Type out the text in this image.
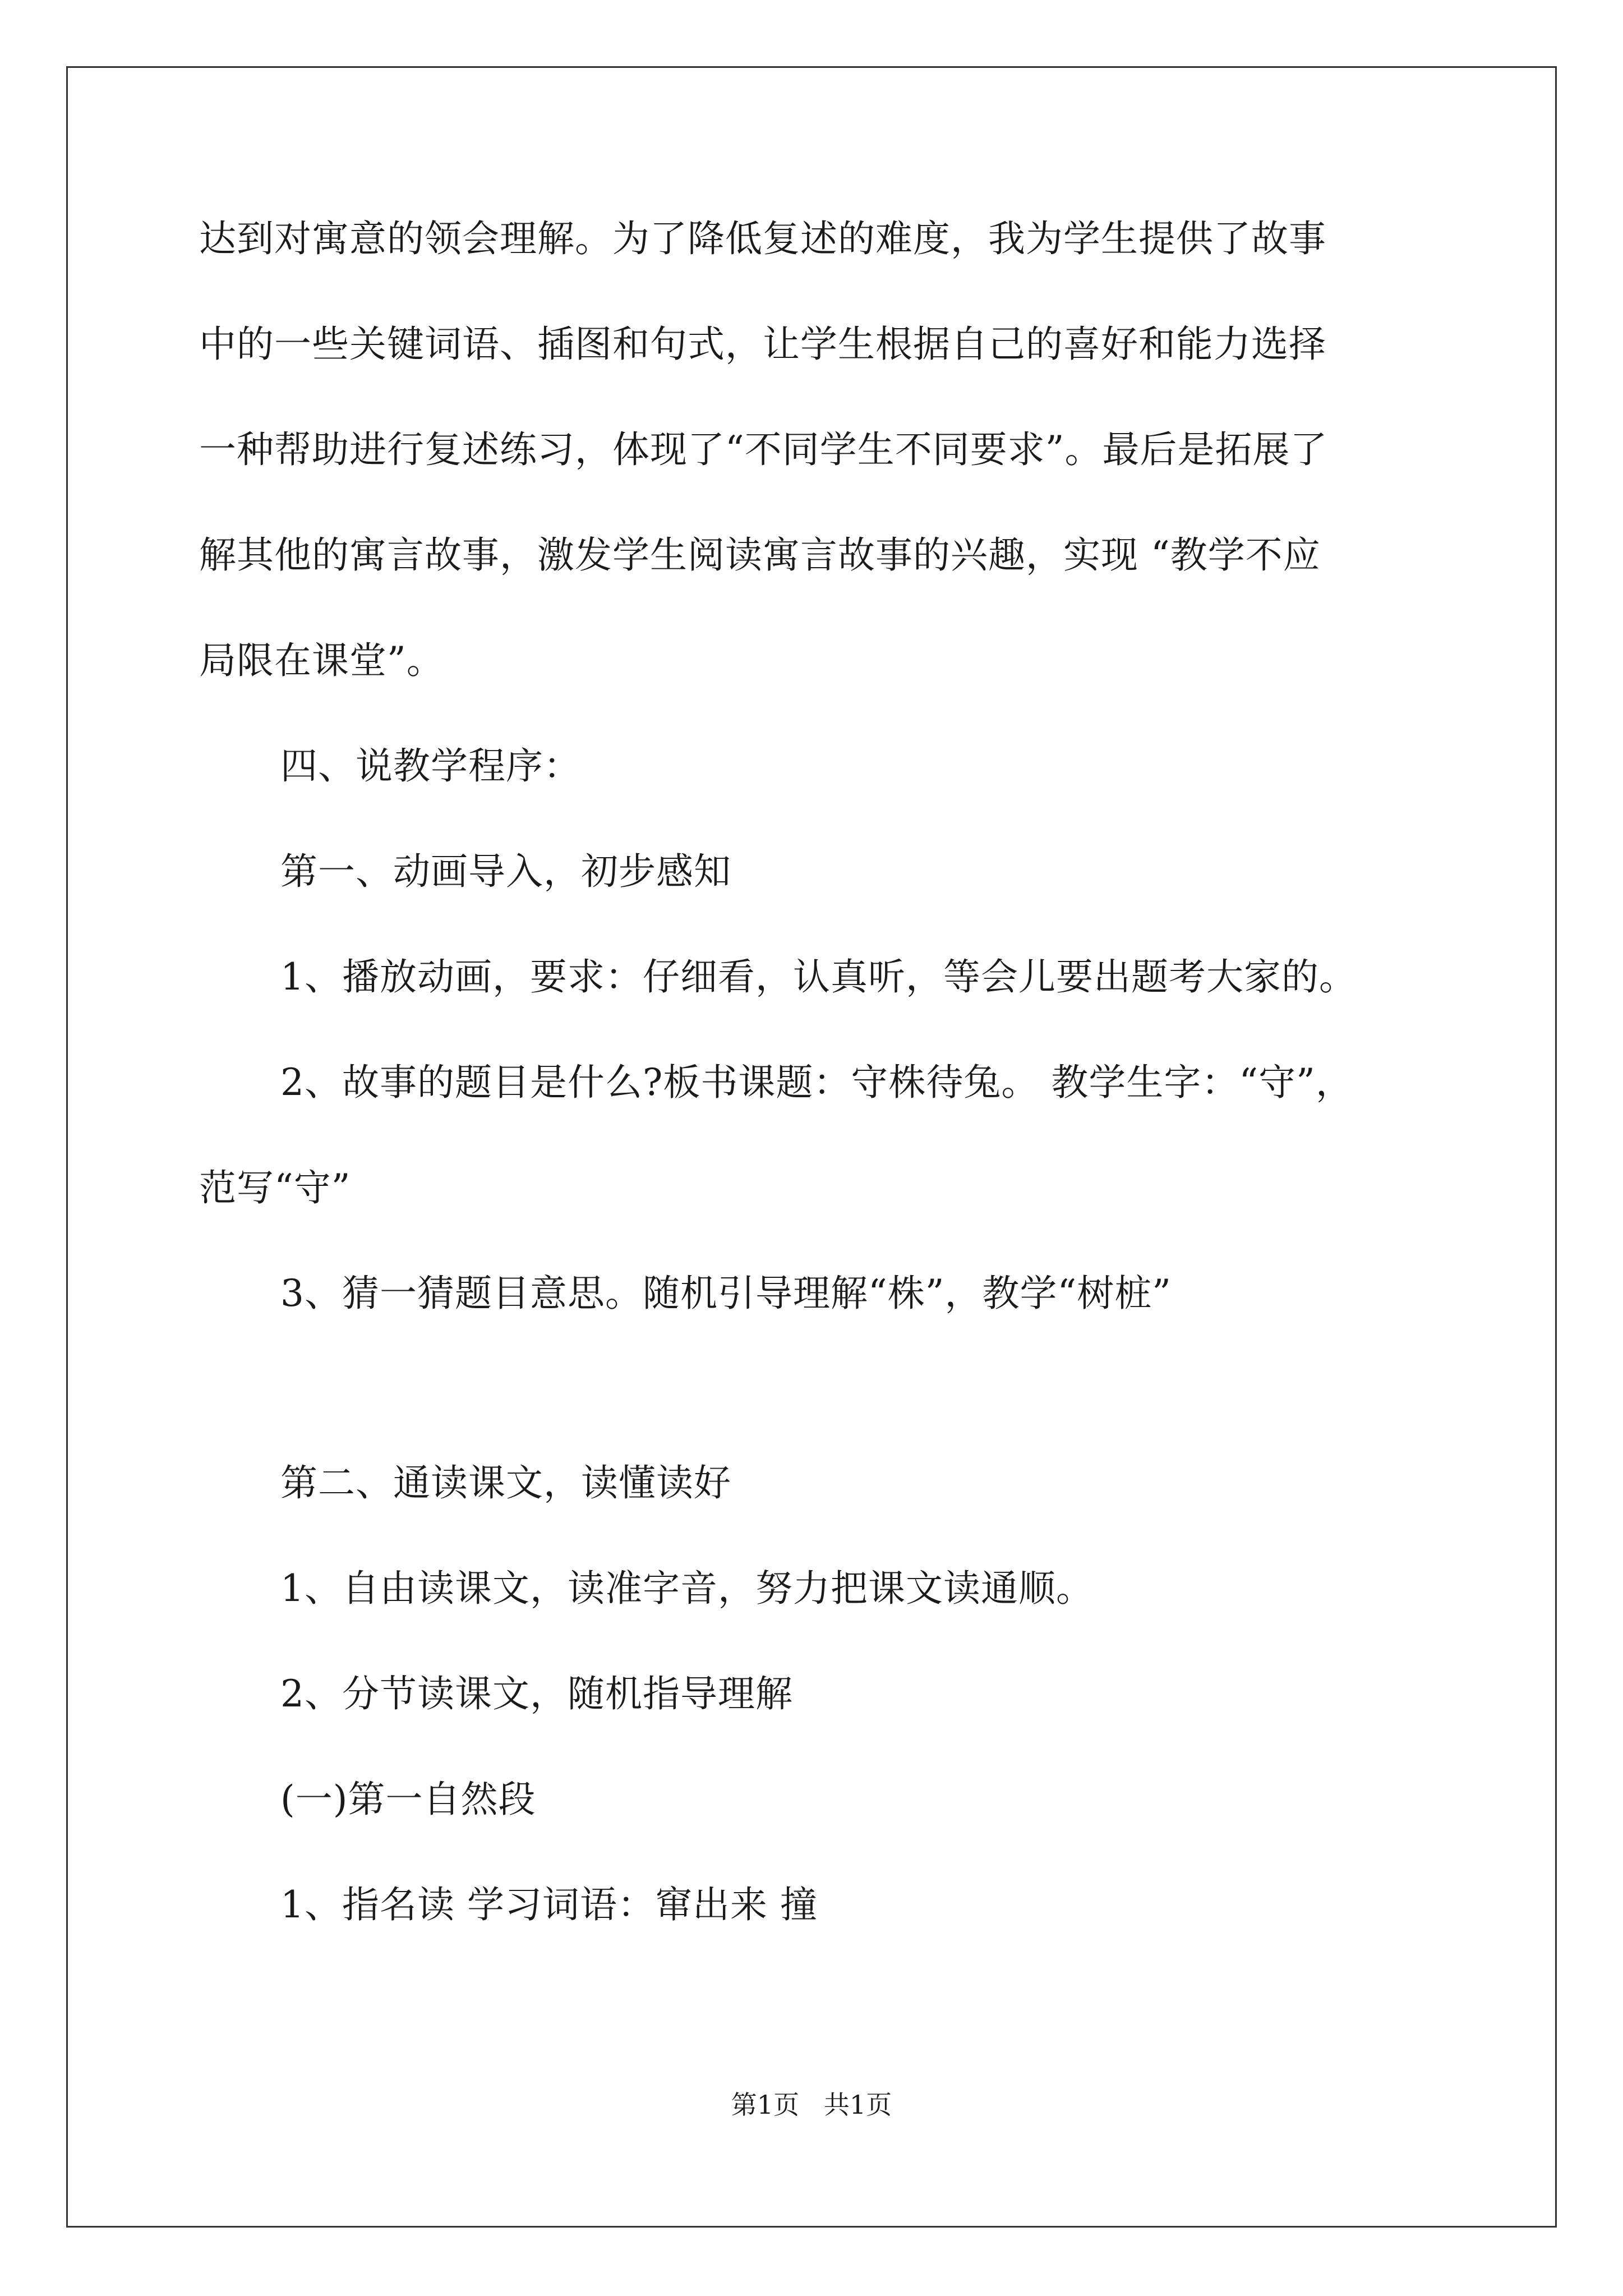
达到对寓意的领会理解。为了降低复述的难度，我为学生提供了故事
中的一些关键词语、插图和句式，让学生根据自己的喜好和能力选择
一种帮助进行复述练习，体现了“不同学生不同要求”。最后是拓展了
解其他的寓言故事，激发学生阅读寓言故事的兴趣，实现 “教学不应
局限在课堂”。
四、说教学程序：
第一、动画导入，初步感知
1、播放动画，要求：仔细看，认真听，等会儿要出题考大家的。
2、故事的题目是什么?板书课题：守株待兔。 教学生字：“守”，
范写“守”
3、猜一猜题目意思。随机引导理解“株”，教学“树桩”
第二、通读课文，读懂读好
1、自由读课文，读准字音，努力把课文读通顺。
2、分节读课文，随机指导理解
(一)第一自然段
1、指名读 学习词语：窜出来 撞
第1页   共1页
